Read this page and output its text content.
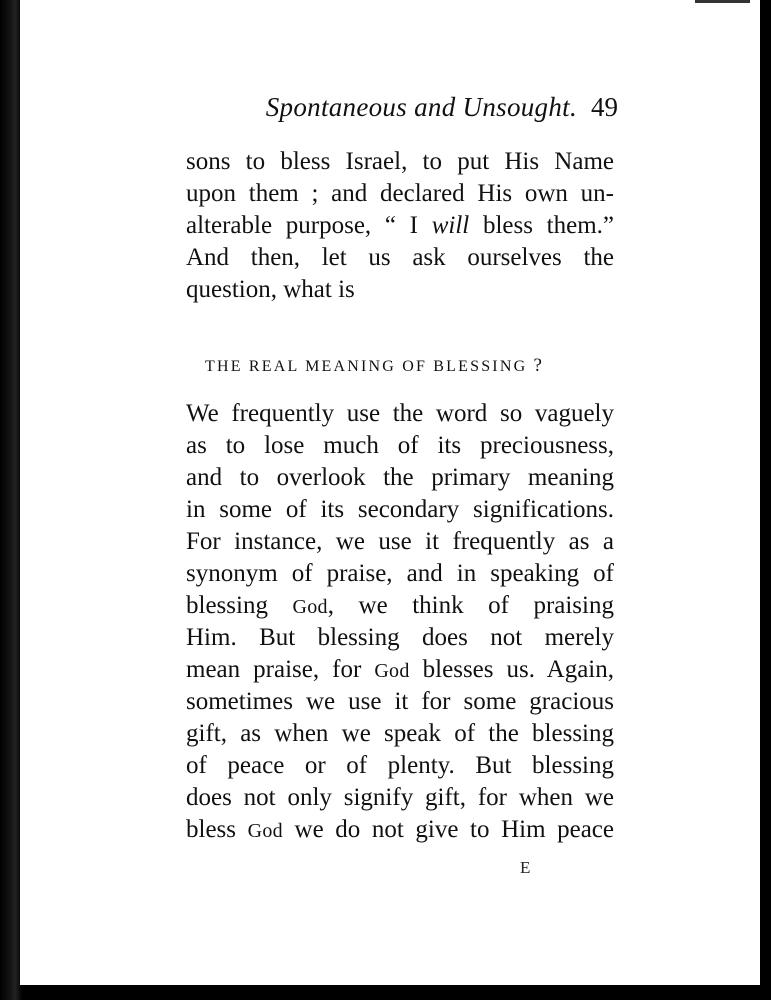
Spontaneous and Unsought. 49
sons to bless Israel, to put His Name
upon them ; and declared His own un-
alterable purpose, “ I will bless them.”
And then, let us ask ourselves the
question, what is
THE REAL MEANING OF BLESSING ?
We frequently use the word so vaguely
as to lose much of its preciousness,
and to overlook the primary meaning
in some of its secondary significations.
For instance, we use it frequently as a
synonym of praise, and in speaking of
blessing God, we think of praising
Him. But blessing does not merely
mean praise, for God blesses us. Again,
sometimes we use it for some gracious
gift, as when we speak of the blessing
of peace or of plenty. But blessing
does not only signify gift, for when we
bless God we do not give to Him peace
E
